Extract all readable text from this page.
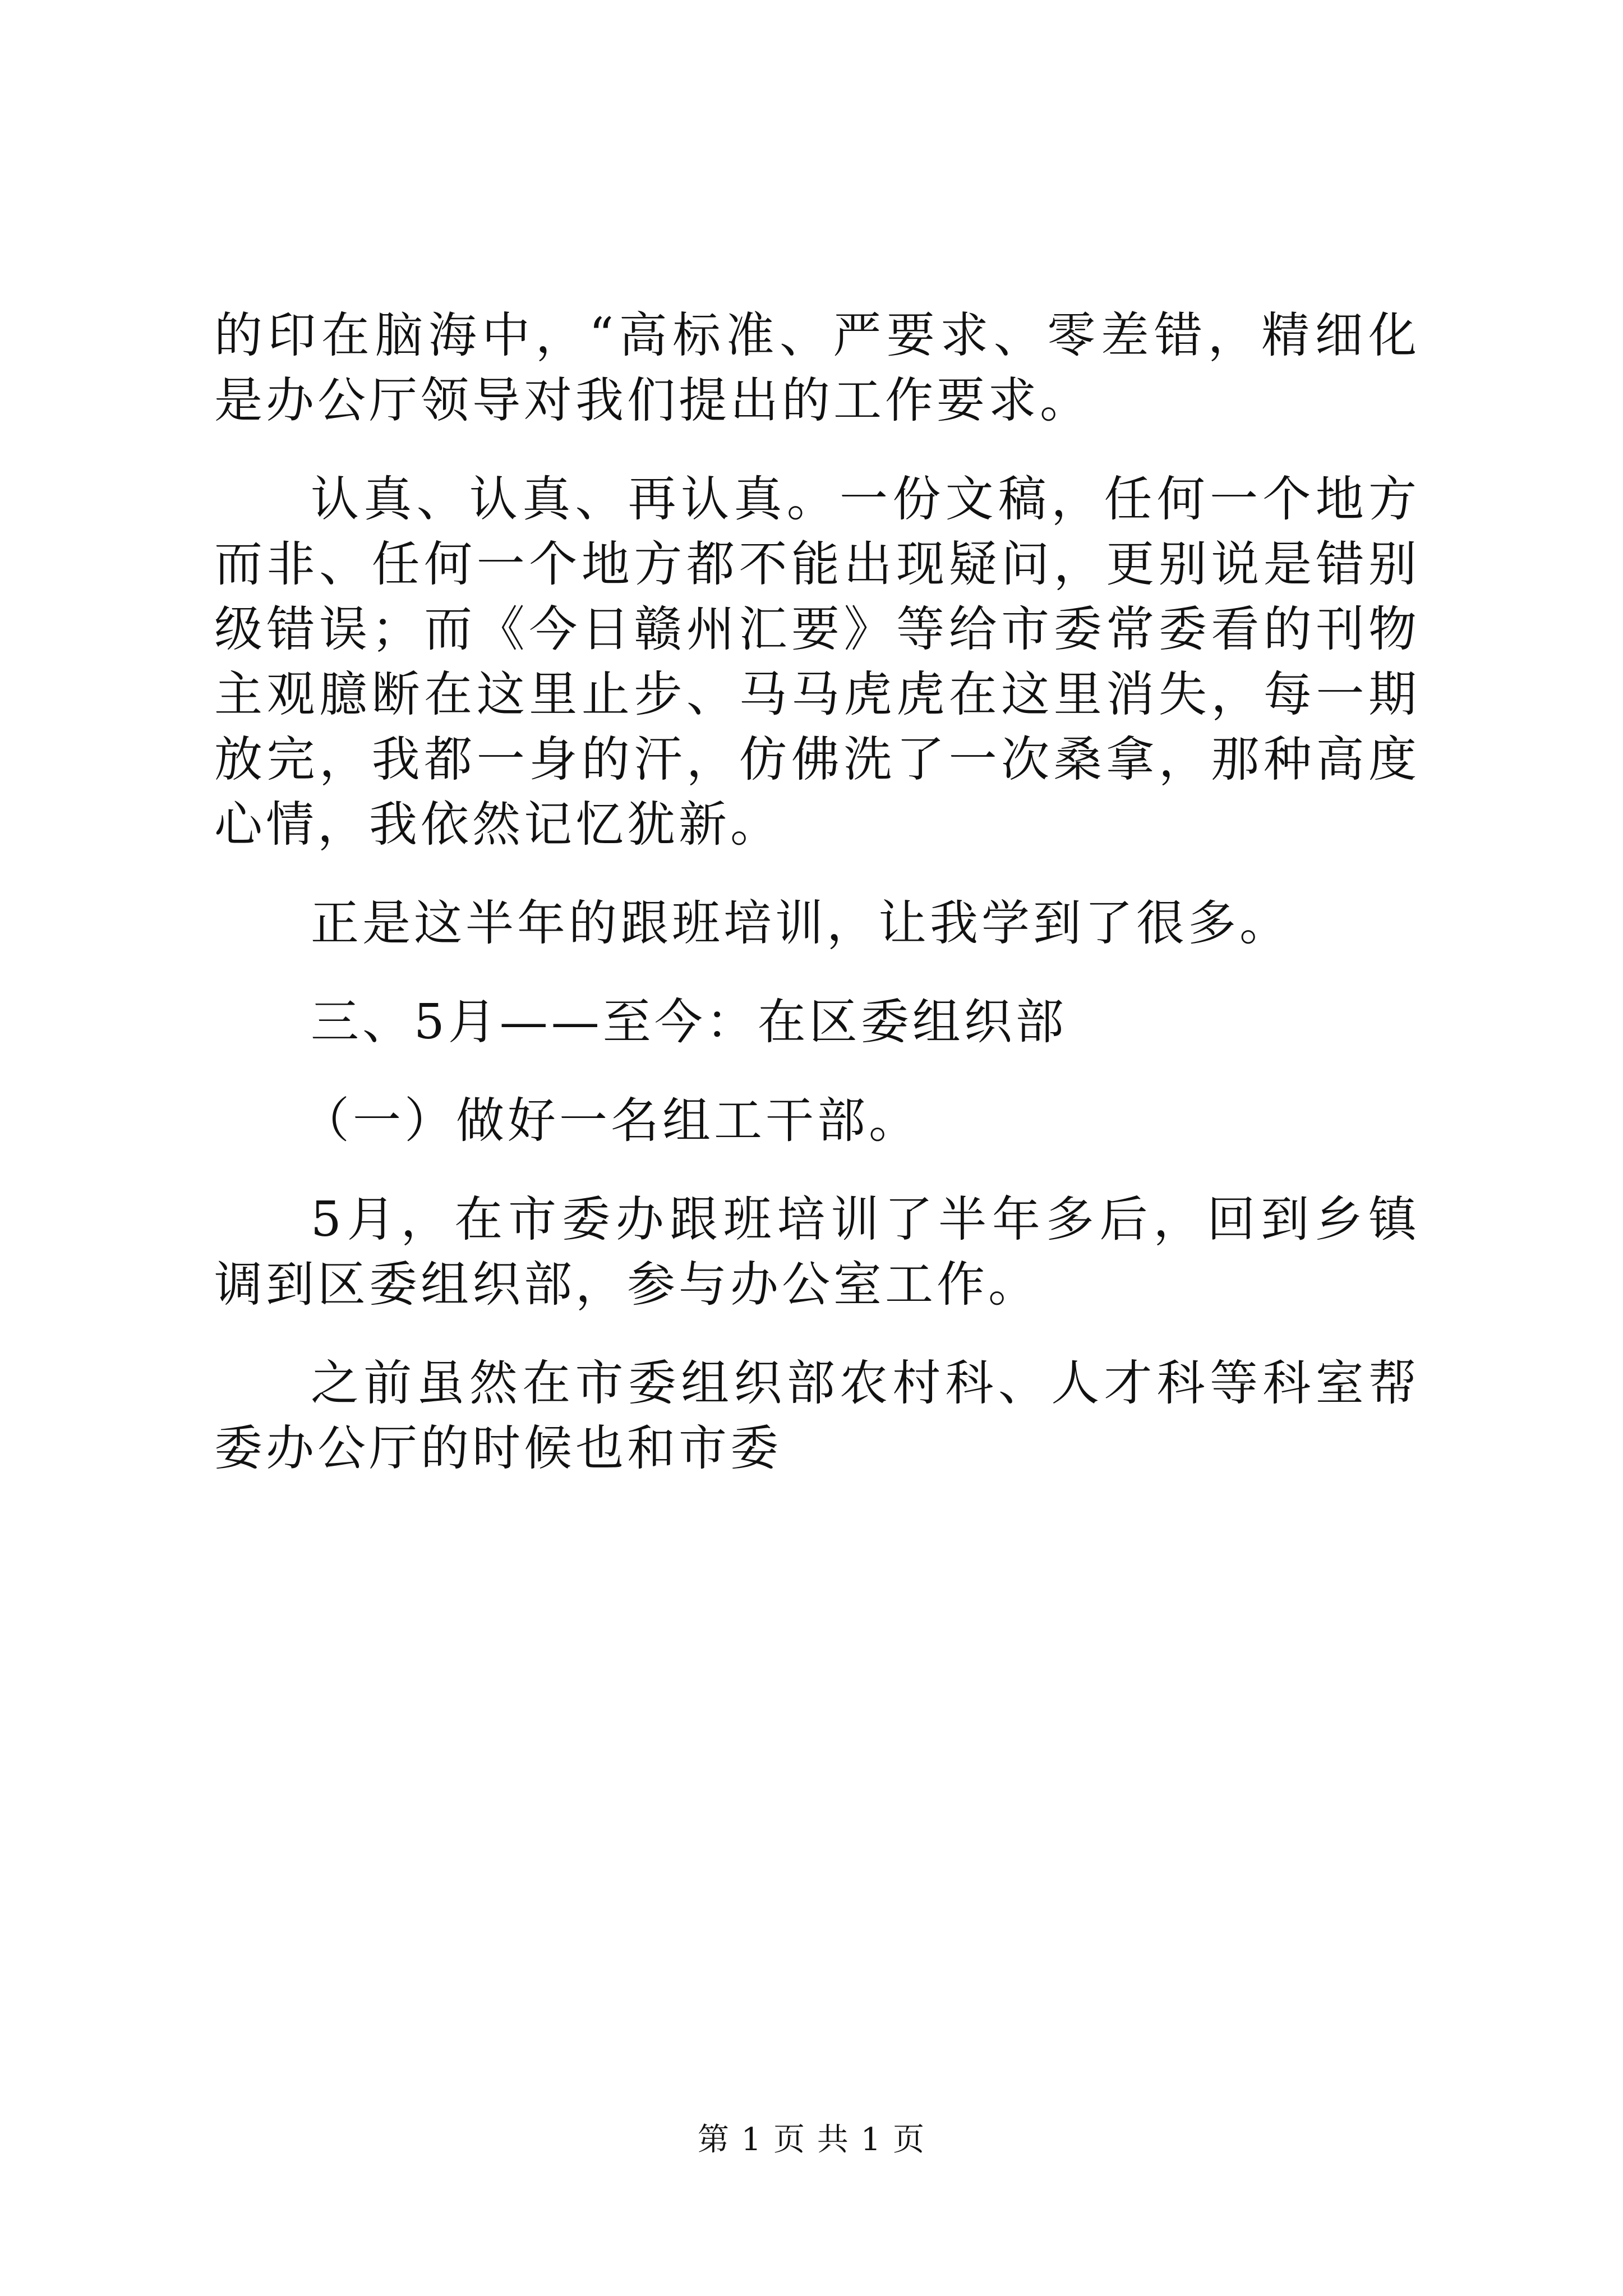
的印在脑海中，“高标准、严要求、零差错，精细化
是办公厅领导对我们提出的工作要求。
认真、认真、再认真。一份文稿，任何一个地方
而非、任何一个地方都不能出现疑问，更别说是错别
级错误；而《今日赣州汇要》等给市委常委看的刊物
主观臆断在这里止步、马马虎虎在这里消失，每一期
放完，我都一身的汗，仿佛洗了一次桑拿，那种高度
心情，我依然记忆犹新。
正是这半年的跟班培训，让我学到了很多。
三、5月——至今：在区委组织部
（一）做好一名组工干部。
5月，在市委办跟班培训了半年多后，回到乡镇
调到区委组织部，参与办公室工作。
之前虽然在市委组织部农村科、人才科等科室帮
委办公厅的时候也和市委
第 1 页 共 1 页
